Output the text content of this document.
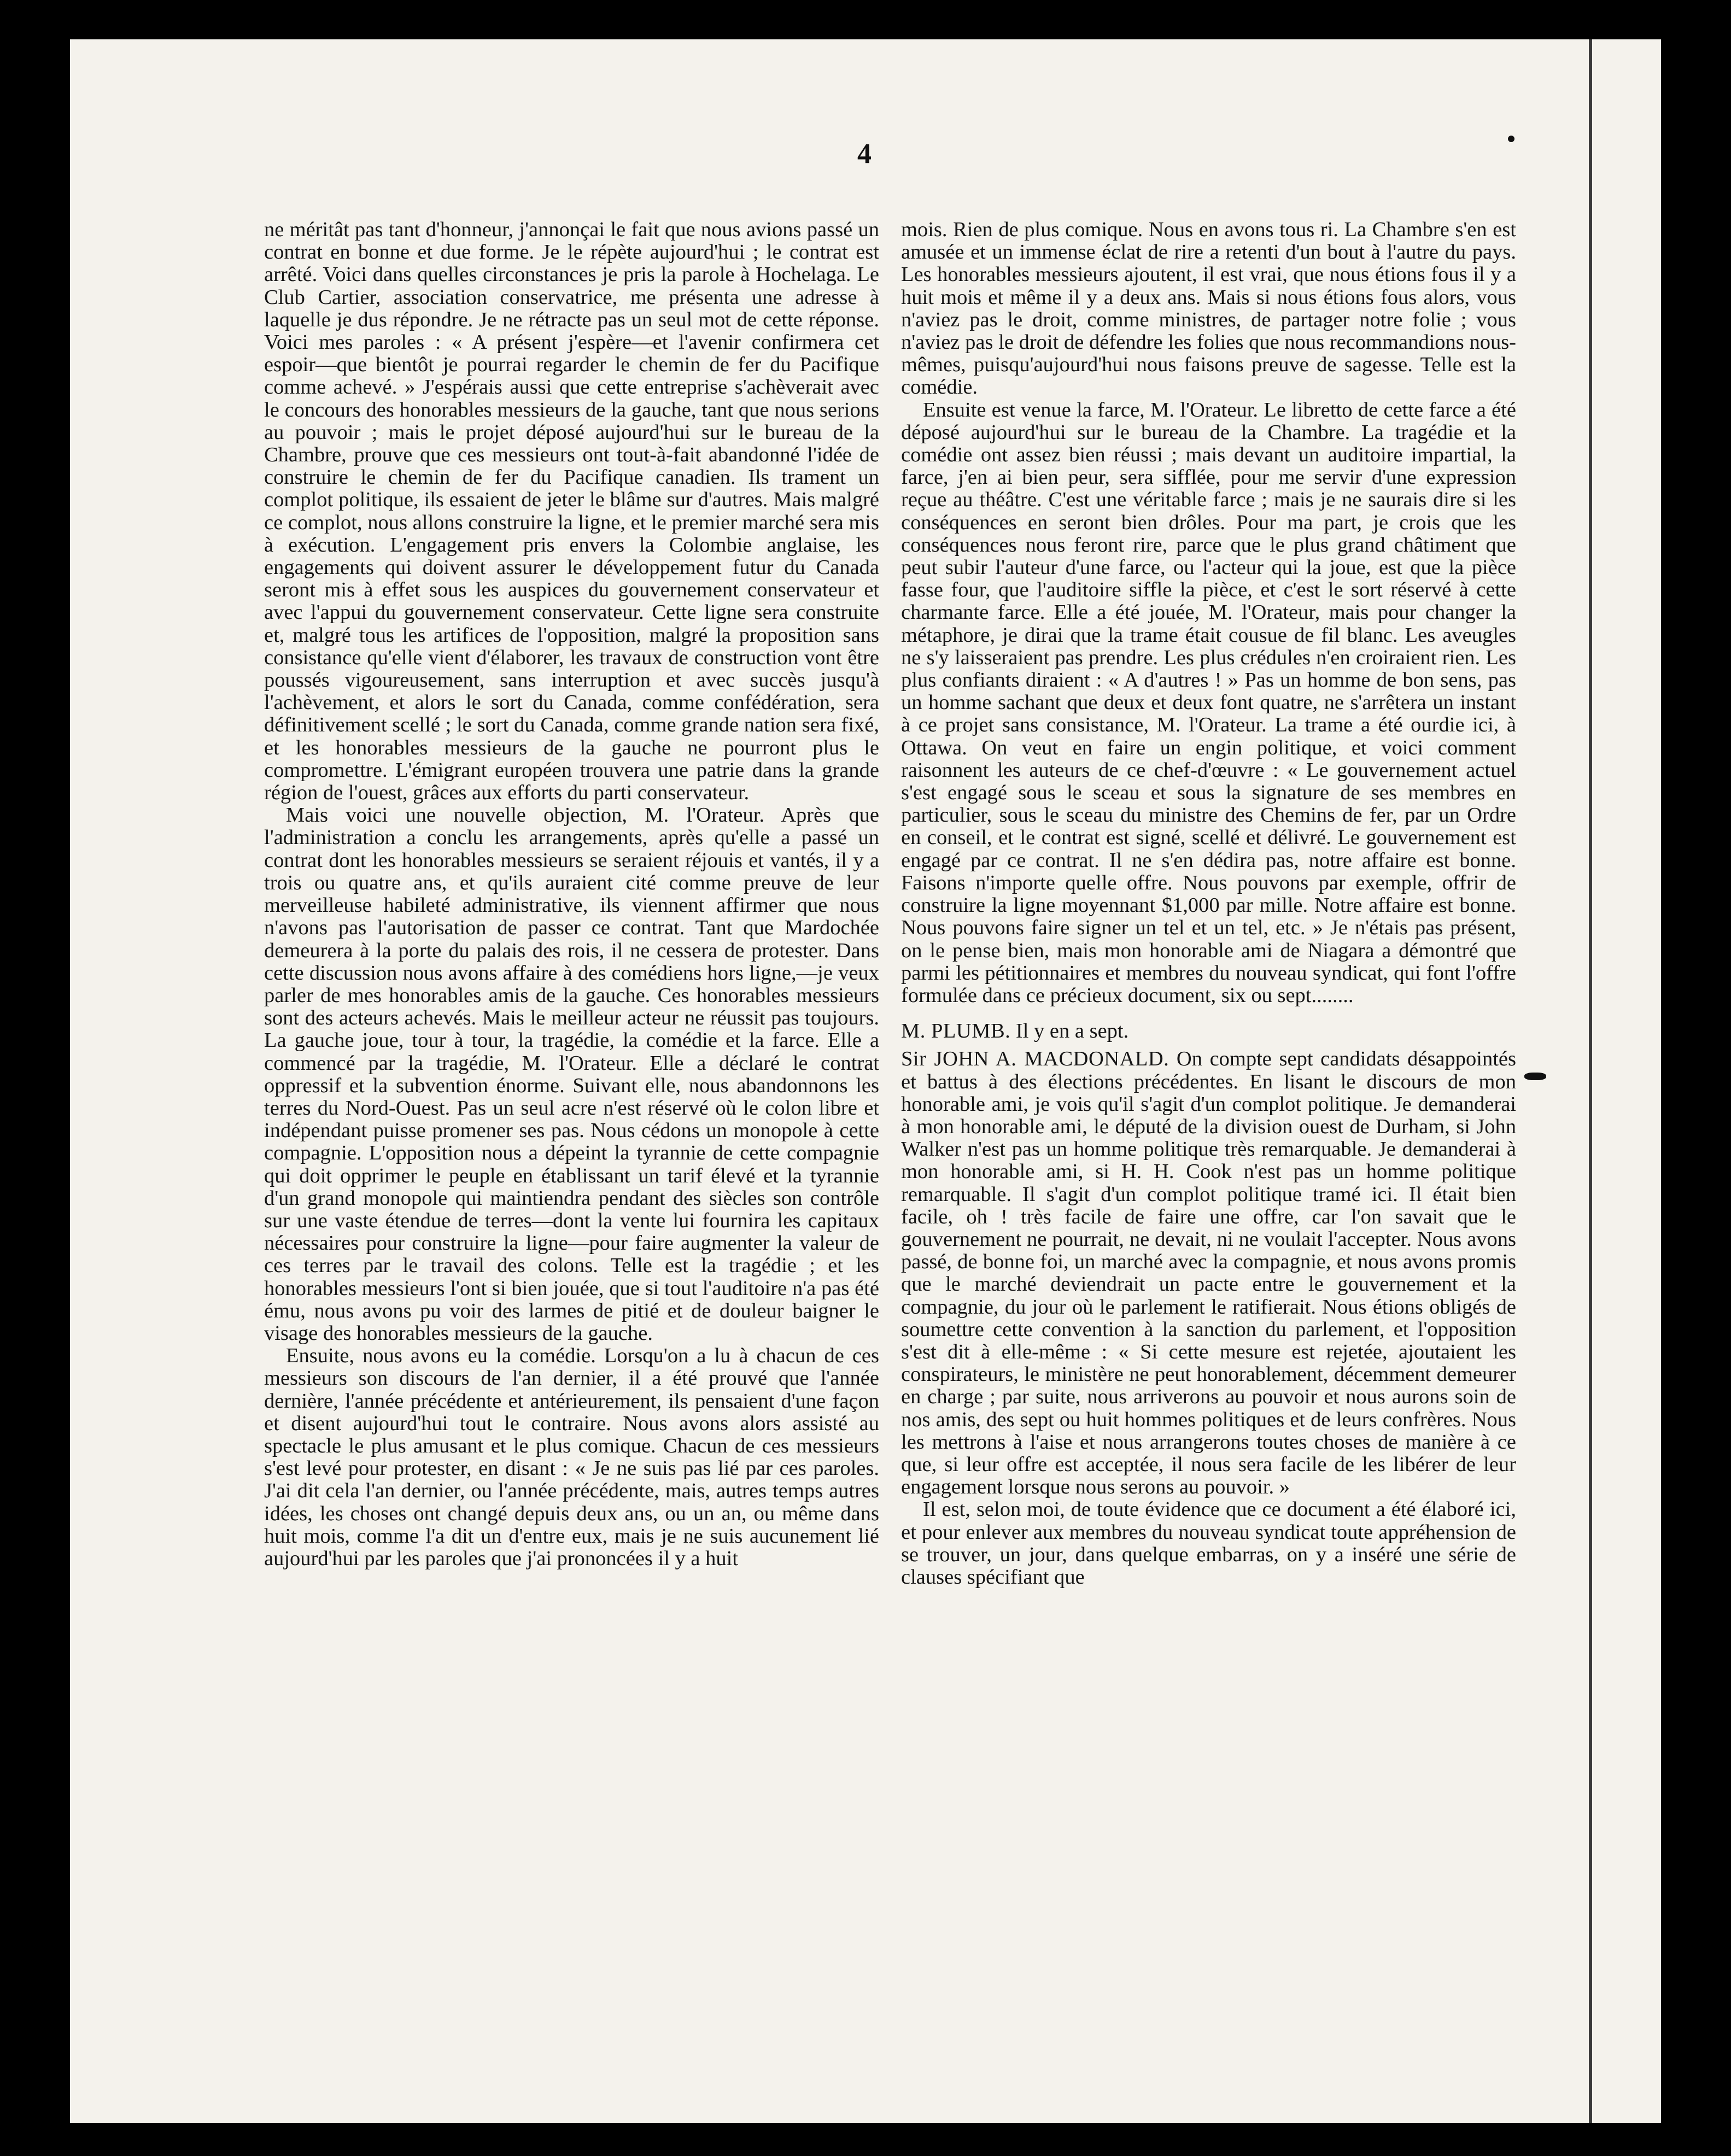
4

ne méritât pas tant d'honneur, j'annonçai le fait que nous avions passé un contrat en bonne et due forme. Je le répète aujourd'hui ; le contrat est arrêté. Voici dans quelles circonstances je pris la parole à Hochelaga. Le Club Cartier, association conservatrice, me présenta une adresse à laquelle je dus répondre. Je ne rétracte pas un seul mot de cette réponse. Voici mes paroles : « A présent j'espère—et l'avenir confirmera cet espoir—que bientôt je pourrai regarder le chemin de fer du Pacifique comme achevé. » J'espérais aussi que cette entreprise s'achèverait avec le concours des honorables messieurs de la gauche, tant que nous serions au pouvoir ; mais le projet déposé aujourd'hui sur le bureau de la Chambre, prouve que ces messieurs ont tout-à-fait abandonné l'idée de construire le chemin de fer du Pacifique canadien. Ils trament un complot politique, ils essaient de jeter le blâme sur d'autres. Mais malgré ce complot, nous allons construire la ligne, et le premier marché sera mis à exécution. L'engagement pris envers la Colombie anglaise, les engagements qui doivent assurer le développement futur du Canada seront mis à effet sous les auspices du gouvernement conservateur et avec l'appui du gouvernement conservateur. Cette ligne sera construite et, malgré tous les artifices de l'opposition, malgré la proposition sans consistance qu'elle vient d'élaborer, les travaux de construction vont être poussés vigoureusement, sans interruption et avec succès jusqu'à l'achèvement, et alors le sort du Canada, comme confédération, sera définitivement scellé ; le sort du Canada, comme grande nation sera fixé, et les honorables messieurs de la gauche ne pourront plus le compromettre. L'émigrant européen trouvera une patrie dans la grande région de l'ouest, grâces aux efforts du parti conservateur.

Mais voici une nouvelle objection, M. l'Orateur. Après que l'administration a conclu les arrangements, après qu'elle a passé un contrat dont les honorables messieurs se seraient réjouis et vantés, il y a trois ou quatre ans, et qu'ils auraient cité comme preuve de leur merveilleuse habileté administrative, ils viennent affirmer que nous n'avons pas l'autorisation de passer ce contrat. Tant que Mardochée demeurera à la porte du palais des rois, il ne cessera de protester. Dans cette discussion nous avons affaire à des comédiens hors ligne,—je veux parler de mes honorables amis de la gauche. Ces honorables messieurs sont des acteurs achevés. Mais le meilleur acteur ne réussit pas toujours. La gauche joue, tour à tour, la tragédie, la comédie et la farce. Elle a commencé par la tragédie, M. l'Orateur. Elle a déclaré le contrat oppressif et la subvention énorme. Suivant elle, nous abandonnons les terres du Nord-Ouest. Pas un seul acre n'est réservé où le colon libre et indépendant puisse promener ses pas. Nous cédons un monopole à cette compagnie. L'opposition nous a dépeint la tyrannie de cette compagnie qui doit opprimer le peuple en établissant un tarif élevé et la tyrannie d'un grand monopole qui maintiendra pendant des siècles son contrôle sur une vaste étendue de terres—dont la vente lui fournira les capitaux nécessaires pour construire la ligne—pour faire augmenter la valeur de ces terres par le travail des colons. Telle est la tragédie ; et les honorables messieurs l'ont si bien jouée, que si tout l'auditoire n'a pas été ému, nous avons pu voir des larmes de pitié et de douleur baigner le visage des honorables messieurs de la gauche.

Ensuite, nous avons eu la comédie. Lorsqu'on a lu à chacun de ces messieurs son discours de l'an dernier, il a été prouvé que l'année dernière, l'année précédente et antérieurement, ils pensaient d'une façon et disent aujourd'hui tout le contraire. Nous avons alors assisté au spectacle le plus amusant et le plus comique. Chacun de ces messieurs s'est levé pour protester, en disant : « Je ne suis pas lié par ces paroles. J'ai dit cela l'an dernier, ou l'année précédente, mais, autres temps autres idées, les choses ont changé depuis deux ans, ou un an, ou même dans huit mois, comme l'a dit un d'entre eux, mais je ne suis aucunement lié aujourd'hui par les paroles que j'ai prononcées il y a huit

mois. Rien de plus comique. Nous en avons tous ri. La Chambre s'en est amusée et un immense éclat de rire a retenti d'un bout à l'autre du pays. Les honorables messieurs ajoutent, il est vrai, que nous étions fous il y a huit mois et même il y a deux ans. Mais si nous étions fous alors, vous n'aviez pas le droit, comme ministres, de partager notre folie ; vous n'aviez pas le droit de défendre les folies que nous recommandions nous-mêmes, puisqu'aujourd'hui nous faisons preuve de sagesse. Telle est la comédie.

Ensuite est venue la farce, M. l'Orateur. Le libretto de cette farce a été déposé aujourd'hui sur le bureau de la Chambre. La tragédie et la comédie ont assez bien réussi ; mais devant un auditoire impartial, la farce, j'en ai bien peur, sera sifflée, pour me servir d'une expression reçue au théâtre. C'est une véritable farce ; mais je ne saurais dire si les conséquences en seront bien drôles. Pour ma part, je crois que les conséquences nous feront rire, parce que le plus grand châtiment que peut subir l'auteur d'une farce, ou l'acteur qui la joue, est que la pièce fasse four, que l'auditoire siffle la pièce, et c'est le sort réservé à cette charmante farce. Elle a été jouée, M. l'Orateur, mais pour changer la métaphore, je dirai que la trame était cousue de fil blanc. Les aveugles ne s'y laisseraient pas prendre. Les plus crédules n'en croiraient rien. Les plus confiants diraient : « A d'autres ! » Pas un homme de bon sens, pas un homme sachant que deux et deux font quatre, ne s'arrêtera un instant à ce projet sans consistance, M. l'Orateur. La trame a été ourdie ici, à Ottawa. On veut en faire un engin politique, et voici comment raisonnent les auteurs de ce chef-d'œuvre : « Le gouvernement actuel s'est engagé sous le sceau et sous la signature de ses membres en particulier, sous le sceau du ministre des Chemins de fer, par un Ordre en conseil, et le contrat est signé, scellé et délivré. Le gouvernement est engagé par ce contrat. Il ne s'en dédira pas, notre affaire est bonne. Faisons n'importe quelle offre. Nous pouvons par exemple, offrir de construire la ligne moyennant $1,000 par mille. Notre affaire est bonne. Nous pouvons faire signer un tel et un tel, etc. » Je n'étais pas présent, on le pense bien, mais mon honorable ami de Niagara a démontré que parmi les pétitionnaires et membres du nouveau syndicat, qui font l'offre formulée dans ce précieux document, six ou sept........

M. PLUMB. Il y en a sept.

Sir JOHN A. MACDONALD. On compte sept candidats désappointés et battus à des élections précédentes. En lisant le discours de mon honorable ami, je vois qu'il s'agit d'un complot politique. Je demanderai à mon honorable ami, le député de la division ouest de Durham, si John Walker n'est pas un homme politique très remarquable. Je demanderai à mon honorable ami, si H. H. Cook n'est pas un homme politique remarquable. Il s'agit d'un complot politique tramé ici. Il était bien facile, oh ! très facile de faire une offre, car l'on savait que le gouvernement ne pourrait, ne devait, ni ne voulait l'accepter. Nous avons passé, de bonne foi, un marché avec la compagnie, et nous avons promis que le marché deviendrait un pacte entre le gouvernement et la compagnie, du jour où le parlement le ratifierait. Nous étions obligés de soumettre cette convention à la sanction du parlement, et l'opposition s'est dit à elle-même : « Si cette mesure est rejetée, ajoutaient les conspirateurs, le ministère ne peut honorablement, décemment demeurer en charge ; par suite, nous arriverons au pouvoir et nous aurons soin de nos amis, des sept ou huit hommes politiques et de leurs confrères. Nous les mettrons à l'aise et nous arrangerons toutes choses de manière à ce que, si leur offre est acceptée, il nous sera facile de les libérer de leur engagement lorsque nous serons au pouvoir. »

Il est, selon moi, de toute évidence que ce document a été élaboré ici, et pour enlever aux membres du nouveau syndicat toute appréhension de se trouver, un jour, dans quelque embarras, on y a inséré une série de clauses spécifiant que
